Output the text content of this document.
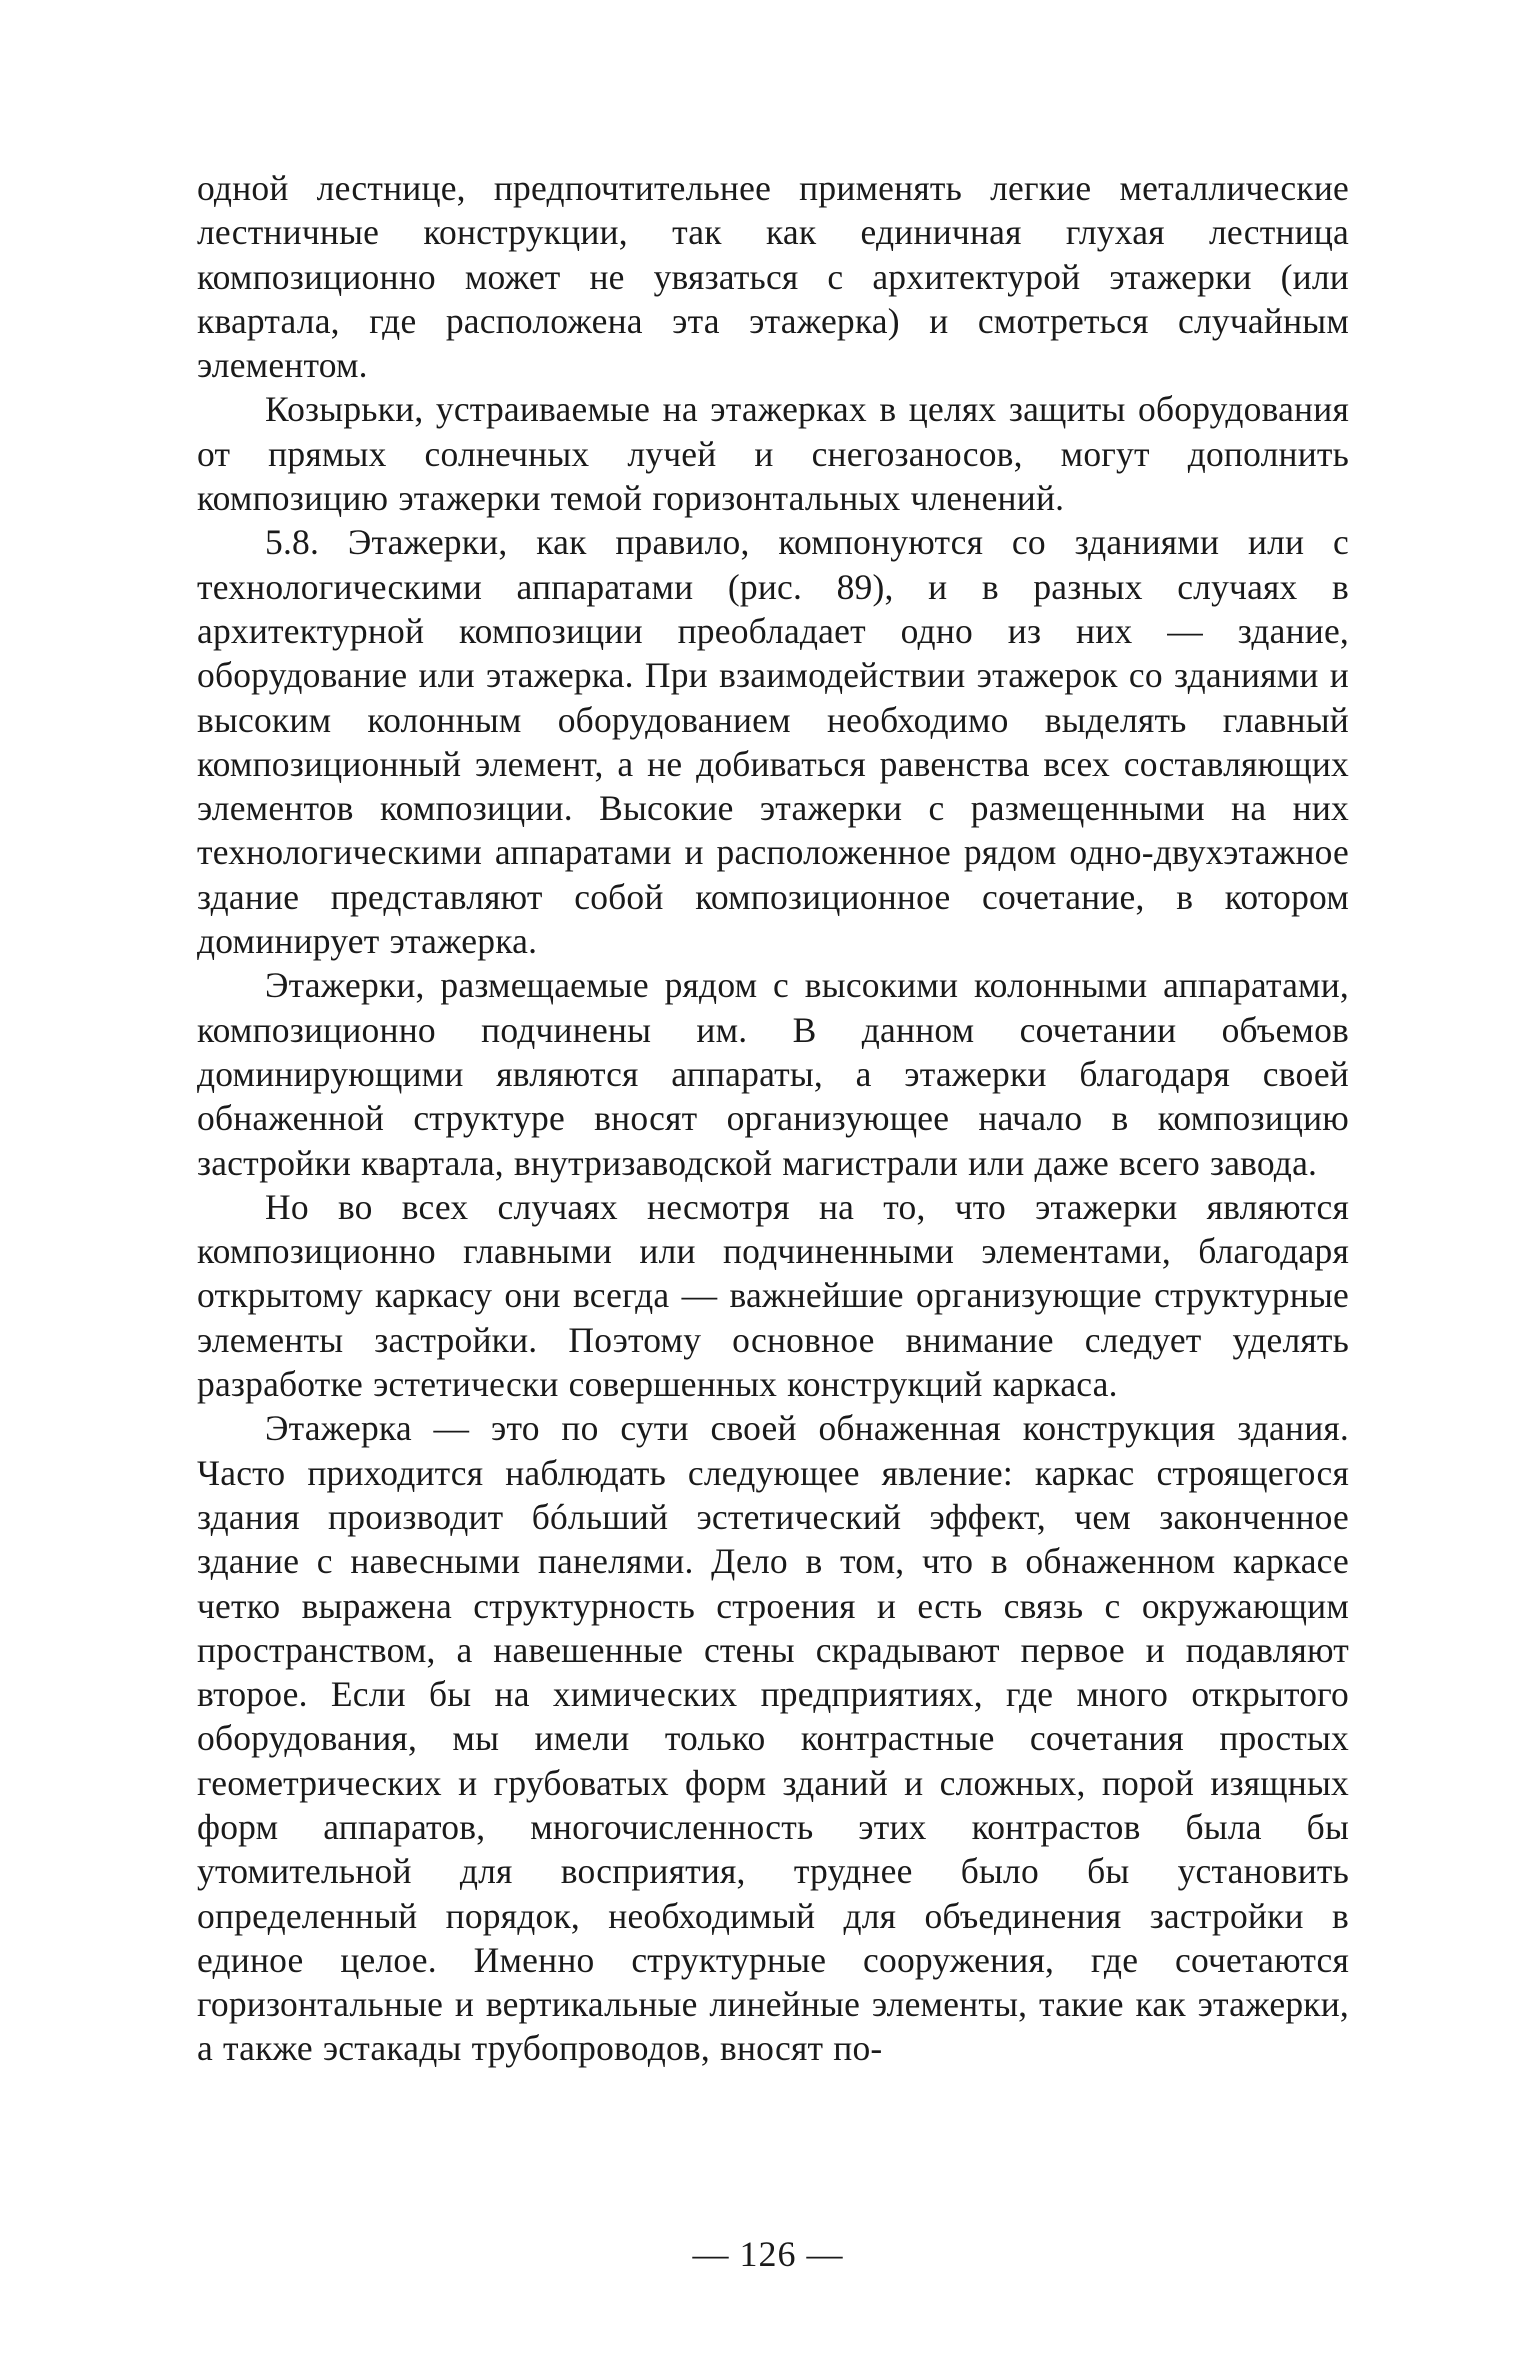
одной лестнице, предпочтительнее применять легкие металлические лестничные конструкции, так как единичная глухая лестница композиционно может не увязаться с архитектурой этажерки (или квартала, где расположена эта этажерка) и смотреться случайным элементом.

Козырьки, устраиваемые на этажерках в целях защиты оборудования от прямых солнечных лучей и снегозаносов, могут дополнить композицию этажерки темой горизонтальных членений.

5.8. Этажерки, как правило, компонуются со зданиями или с технологическими аппаратами (рис. 89), и в разных случаях в архитектурной композиции преобладает одно из них — здание, оборудование или этажерка. При взаимодействии этажерок со зданиями и высоким колонным оборудованием необходимо выделять главный композиционный элемент, а не добиваться равенства всех составляющих элементов композиции. Высокие этажерки с размещенными на них технологическими аппаратами и расположенное рядом одно-двухэтажное здание представляют собой композиционное сочетание, в котором доминирует этажерка.

Этажерки, размещаемые рядом с высокими колонными аппаратами, композиционно подчинены им. В данном сочетании объемов доминирующими являются аппараты, а этажерки благодаря своей обнаженной структуре вносят организующее начало в композицию застройки квартала, внутризаводской магистрали или даже всего завода.

Но во всех случаях несмотря на то, что этажерки являются композиционно главными или подчиненными элементами, благодаря открытому каркасу они всегда — важнейшие организующие структурные элементы застройки. Поэтому основное внимание следует уделять разработке эстетически совершенных конструкций каркаса.

Этажерка — это по сути своей обнаженная конструкция здания. Часто приходится наблюдать следующее явление: каркас строящегося здания производит бóльший эстетический эффект, чем законченное здание с навесными панелями. Дело в том, что в обнаженном каркасе четко выражена структурность строения и есть связь с окружающим пространством, а навешенные стены скрадывают первое и подавляют второе. Если бы на химических предприятиях, где много открытого оборудования, мы имели только контрастные сочетания простых геометрических и грубоватых форм зданий и сложных, порой изящных форм аппаратов, многочисленность этих контрастов была бы утомительной для восприятия, труднее было бы установить определенный порядок, необходимый для объединения застройки в единое целое. Именно структурные сооружения, где сочетаются горизонтальные и вертикальные линейные элементы, такие как этажерки, а также эстакады трубопроводов, вносят по-

— 126 —
